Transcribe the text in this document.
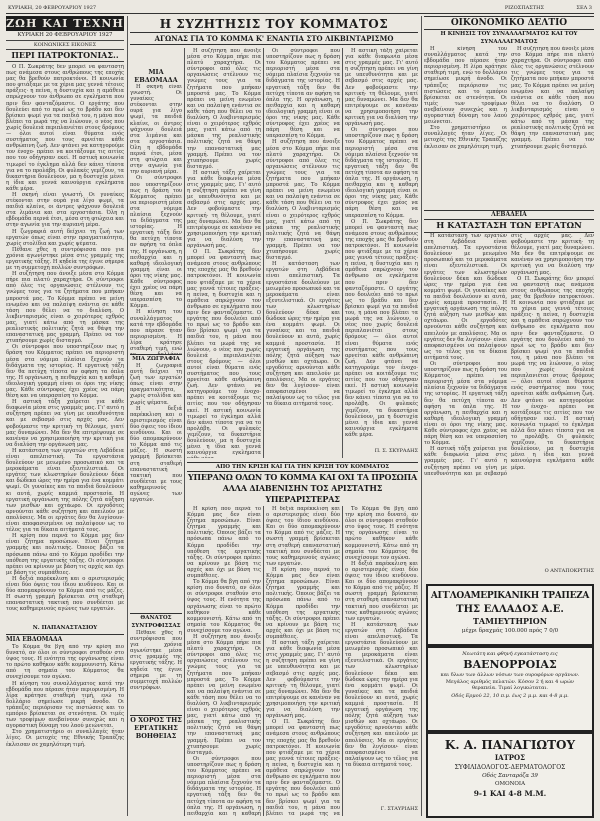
ΚΥΡΙΑΚΗ, 20 ΦΕΒΡΟΥΑΡΙΟΥ 1927	ΡΙΖΟΣΠΑΣΤΗΣ	ΣΕΛ 3
ΖΩΗ ΚΑΙ ΤΕΧΝΗ
ΚΥΡΙΑΚΗ 20 ΦΕΒΡΟΥΑΡΙΟΥ 1927
ΚΟΙΝΩΝΙΚΕΣ ΕΙΚΟΝΕΣ
ΠΕΡΙ ΠΑΤΡΟΚΤΟΝΙΑΣ..

Ο Π. Σωκράτης δεν μπορεί να φανταστή πως ανάμεσα στους ανθρώπους της εποχής μας θα βρεθούν πατροκτόνοι. Η κοινωνία που φτιάξαμε με τα χέρια μας γεννά τέτοιες πράξεις· η πείνα, η δυστυχία και η αμάθεια σπρώχνουν τον άνθρωπο σε εγκλήματα που πριν δεν φανταζόμαστε. Ο εργάτης που δουλεύει από το πρωί ως το βράδυ και δεν βρίσκει ψωμί για τα παιδιά του, η μάνα που βλέπει τα μωρά της να λιώνουν, ο νέος που χωρίς δουλειά περιπλανιέται στους δρόμους — όλοι αυτοί είναι θύματα ενός συστήματος που τους αρνείται κάθε ανθρώπινη ζωή. Δεν φτάνει να κατηγορούμε τον ένοχο· πρέπει να κοιτάξουμε τις αιτίες που τον οδήγησαν εκεί. Η αστική κοινωνία τιμωρεί το έγκλημα αλλά δεν κάνει τίποτα για να το προλάβη. Οι φυλακές γεμίζουν, τα δικαστήρια δουλεύουν, μα η δυστυχία μένει η ίδια και γεννά καινούργια εγκλήματα κάθε μέρα.

Η σκηνή είναι γνωστή. Οι γυναίκες στέκονται στην ουρά για λίγο ψωμί, τα παιδιά κλαίνε, οι άντρες ψάχνουν δουλειά στα λιμάνια και στα εργοστάσια. Όλη η εβδομάδα περνά έτσι, μέσα στη φτώχεια και στην αγωνία για την αυριανή μέρα.

Η ζωγραφιά αυτή δείχνει τη ζωή των εργατών όπως είναι στην πραγματικότητα, χωρίς στολίδια και χωρίς ψέματα.

Πέθανε χθες η συντρόφισσα που για χρόνια αγωνίστηκε μέσα στις γραμμές της εργατικής τάξης. Η κηδεία της έγινε σήμερα με τη συμμετοχή πολλών συντρόφων.

Η συζήτηση που άνοιξε μέσα στο Κόμμα πήρε πια πλατύ χαραχτήρα. Οι σύντροφοι από όλες τις οργανώσεις στέλνουν τις γνώμες τους για τα ζητήματα που μπήκαν μπροστά μας. Το Κόμμα πρέπει να μείνη ενωμένο και να παλαίψη ενάντια σε κάθε τάση που θέλει να το διαλύση. Ο λικβινταρισμός είναι ο χειρότερος εχθρός μας, γιατί κάτω από τη μάσκα της ρεαλιστικής πολιτικής ζητά να θάψη την επαναστατική μας γραμμή. Πρέπει να τον χτυπήσουμε χωρίς δισταγμό.

Οι σύντροφοι που υποστηρίζουν πως η δράση του Κόμματος πρέπει να περιοριστή μέσα στα νόμιμα πλαίσια ξεχνούν τα διδάγματα της ιστορίας. Η εργατική τάξη δεν θα πετύχη τίποτα αν αφήση τα όπλα της. Η οργάνωση, η πειθαρχία και η καθαρή ιδεολογική γραμμή είναι οι όροι της νίκης μας. Κάθε σύντροφος έχει χρέος να πάρη θέση και να υπερασπίση το Κόμμα.

Η αστική τάξη χαίρεται για κάθε διαφωνία μέσα στις γραμμές μας. Γι' αυτό η συζήτηση πρέπει να γίνη με υπευθυνότητα και με σεβασμό στις αρχές μας. Δεν φοβούμαστε την κριτική· τη θέλουμε, γιατί μας δυναμώνει. Μα δεν θα επιτρέψουμε σε κανέναν να χρησιμοποιήση την κριτική για να διαλύση την οργάνωσή μας.

Η κατάσταση των εργατών στη Λεβάδεια είναι απελπιστική. Τα εργοστάσια δουλεύουν με μειωμένο προσωπικό και τα μεροκάματα είναι εξευτελιστικά. Οι εργάτες των κλωστηρίων δουλεύουν δέκα και δώδεκα ώρες την ημέρα για ένα κομμάτι ψωμί. Οι γυναίκες και τα παιδιά δουλεύουν κι αυτά, χωρίς καμμιά προστασία. Η εργατική οργάνωση της πόλης ζητά αύξηση των μισθών και οχτάωρο. Οι εργοδότες αρνούνται κάθε συζήτηση και απειλούν με απολύσεις. Μα οι εργάτες δεν θα λυγίσουν· είναι αποφασισμένοι να παλαίψουν ως το τέλος για τα δίκαια αιτήματά τους.

Η κρίση που περνά το Κόμμα μας δεν είναι ζήτημα προσώπων. Είναι ζήτημα γραμμής και πολιτικής. Όποιος βάζει τα πρόσωπα πάνω από το Κόμμα προδίδει την υπόθεση της εργατικής τάξης. Οι σύντροφοι πρέπει να κρίνουν με βάση τις αρχές και όχι με βάση τις συμπάθειες.

Η δεξιά παρέκκλιση και ο αριστερισμός είναι δύο όψεις του ίδιου κινδύνου. Και οι δύο απομακρύνουν το Κόμμα από τις μάζες. Η σωστή γραμμή βρίσκεται στη σταθερή επαναστατική τακτική που συνδέεται με τους καθημερινούς αγώνες των εργατών.

Ν. ΠΑΠΑΝΑΣΤΑΣΙΟΥ
ΜΙΑ ΕΒΔΟΜΑΔΑ

Το Κόμμα θα βγη από την κρίση πιο δυνατό, αν όλοι οι σύντροφοι σταθούν στο ύψος τους. Η ενότητα της οργάνωσης είναι το πρώτο καθήκον κάθε κομμουνιστή. Κάτω από τη σημαία του Κόμματος θα συνεχίσουμε τον αγώνα.

Η κίνηση του συναλλάγματος κατά την εβδομάδα που πέρασε ήταν περιορισμένη. Η λίρα κράτησε σταθερή τιμή, ενώ το δολλάριο σημείωσε μικρή άνοδο. Οι τράπεζες περιόρισαν τις πιστώσεις και το εμπόριο βρίσκεται σε στενότητα. Οι τιμές των τροφίμων ανεβαίνουν συνεχώς και η αγοραστική δύναμη του λαού μειώνεται.

Στο χρηματιστήριο οι συναλλαγές ήταν λίγες. Οι μετοχές της Εθνικής Τραπέζης έκλεισαν σε χαμηλότερη τιμή.

Η ΣΥΖΗΤΗΣΙΣ ΤΟΥ ΚΟΜΜΑΤΟΣ
ΑΓΩΝΑΣ ΓΙΑ ΤΟ ΚΟΜΜΑ Κ' ΕΝΑΝΤΙΑ ΣΤΟ ΛΙΚΒΙΝΤΑΡΙΣΜΟ
ΜΙΑ ΕΒΔΟΜΑΔΑ

Η σκηνή είναι γνωστή. Οι γυναίκες στέκονται στην ουρά για λίγο ψωμί, τα παιδιά κλαίνε, οι άντρες ψάχνουν δουλειά στα λιμάνια και στα εργοστάσια. Όλη η εβδομάδα περνά έτσι, μέσα στη φτώχεια και στην αγωνία για την αυριανή μέρα.

Οι σύντροφοι που υποστηρίζουν πως η δράση του Κόμματος πρέπει να περιοριστή μέσα στα νόμιμα πλαίσια ξεχνούν τα διδάγματα της ιστορίας. Η εργατική τάξη δεν θα πετύχη τίποτα αν αφήση τα όπλα της. Η οργάνωση, η πειθαρχία και η καθαρή ιδεολογική γραμμή είναι οι όροι της νίκης μας. Κάθε σύντροφος έχει χρέος να πάρη θέση και να υπερασπίση το Κόμμα.

Η κίνηση του συναλλάγματος κατά την εβδομάδα που πέρασε ήταν περιορισμένη. Η λίρα κράτησε σταθερή τιμή, ενώ

ΜΙΑ ΖΩΓΡΑΦΙΑ

Η ζωγραφιά αυτή δείχνει τη ζωή των εργατών όπως είναι στην πραγματικότητα, χωρίς στολίδια και χωρίς ψέματα.

Η δεξιά παρέκκλιση και ο αριστερισμός είναι δύο όψεις του ίδιου κινδύνου. Και οι δύο απομακρύνουν το Κόμμα από τις μάζες. Η σωστή γραμμή βρίσκεται στη σταθερή επαναστατική τακτική που συνδέεται με τους καθημερινούς αγώνες των εργατών.

ΘΑΝΑΤΟΣ ΣΥΝΤΡΟΦΙΣΣΑΣ

Πέθανε χθες η συντρόφισσα που για χρόνια αγωνίστηκε μέσα στις γραμμές της εργατικής τάξης. Η κηδεία της έγινε σήμερα με τη συμμετοχή πολλών συντρόφων.

Ο ΧΟΡΟΣ ΤΗΣ ΕΡΓΑΤΙΚΗΣ ΒΟΗΘΕΙΑΣ

Η συζήτηση που άνοιξε μέσα στο Κόμμα πήρε πια πλατύ χαραχτήρα. Οι σύντροφοι από όλες τις οργανώσεις στέλνουν τις γνώμες τους για τα ζητήματα που μπήκαν μπροστά μας. Το Κόμμα πρέπει να μείνη ενωμένο και να παλαίψη ενάντια σε κάθε τάση που θέλει να το διαλύση. Ο λικβινταρισμός είναι ο χειρότερος εχθρός μας, γιατί κάτω από τη μάσκα της ρεαλιστικής πολιτικής ζητά να θάψη την επαναστατική μας γραμμή. Πρέπει να τον χτυπήσουμε χωρίς δισταγμό.

Η αστική τάξη χαίρεται για κάθε διαφωνία μέσα στις γραμμές μας. Γι' αυτό η συζήτηση πρέπει να γίνη με υπευθυνότητα και με σεβασμό στις αρχές μας. Δεν φοβούμαστε την κριτική· τη θέλουμε, γιατί μας δυναμώνει. Μα δεν θα επιτρέψουμε σε κανέναν να χρησιμοποιήση την κριτική για να διαλύση την οργάνωσή μας.

Ο Π. Σωκράτης δεν μπορεί να φανταστή πως ανάμεσα στους ανθρώπους της εποχής μας θα βρεθούν πατροκτόνοι. Η κοινωνία που φτιάξαμε με τα χέρια μας γεννά τέτοιες πράξεις· η πείνα, η δυστυχία και η αμάθεια σπρώχνουν τον άνθρωπο σε εγκλήματα που πριν δεν φανταζόμαστε. Ο εργάτης που δουλεύει από το πρωί ως το βράδυ και δεν βρίσκει ψωμί για τα παιδιά του, η μάνα που βλέπει τα μωρά της να λιώνουν, ο νέος που χωρίς δουλειά περιπλανιέται στους δρόμους — όλοι αυτοί είναι θύματα ενός συστήματος που τους αρνείται κάθε ανθρώπινη ζωή. Δεν φτάνει να κατηγορούμε τον ένοχο· πρέπει να κοιτάξουμε τις αιτίες που τον οδήγησαν εκεί. Η αστική κοινωνία τιμωρεί το έγκλημα αλλά δεν κάνει τίποτα για να το προλάβη. Οι φυλακές γεμίζουν, τα δικαστήρια δουλεύουν, μα η δυστυχία μένει η ίδια και γεννά καινούργια εγκλήματα

Οι σύντροφοι που υποστηρίζουν πως η δράση του Κόμματος πρέπει να περιοριστή μέσα στα νόμιμα πλαίσια ξεχνούν τα διδάγματα της ιστορίας. Η εργατική τάξη δεν θα πετύχη τίποτα αν αφήση τα όπλα της. Η οργάνωση, η πειθαρχία και η καθαρή ιδεολογική γραμμή είναι οι όροι της νίκης μας. Κάθε σύντροφος έχει χρέος να πάρη θέση και να υπερασπίση το Κόμμα.

Η συζήτηση που άνοιξε μέσα στο Κόμμα πήρε πια πλατύ χαραχτήρα. Οι σύντροφοι από όλες τις οργανώσεις στέλνουν τις γνώμες τους για τα ζητήματα που μπήκαν μπροστά μας. Το Κόμμα πρέπει να μείνη ενωμένο και να παλαίψη ενάντια σε κάθε τάση που θέλει να το διαλύση. Ο λικβινταρισμός είναι ο χειρότερος εχθρός μας, γιατί κάτω από τη μάσκα της ρεαλιστικής πολιτικής ζητά να θάψη την επαναστατική μας γραμμή. Πρέπει να τον χτυπήσουμε χωρίς δισταγμό.

Η κατάσταση των εργατών στη Λεβάδεια είναι απελπιστική. Τα εργοστάσια δουλεύουν με μειωμένο προσωπικό και τα μεροκάματα είναι εξευτελιστικά. Οι εργάτες των κλωστηρίων δουλεύουν δέκα και δώδεκα ώρες την ημέρα για ένα κομμάτι ψωμί. Οι γυναίκες και τα παιδιά δουλεύουν κι αυτά, χωρίς καμμιά προστασία. Η εργατική οργάνωση της πόλης ζητά αύξηση των μισθών και οχτάωρο. Οι εργοδότες αρνούνται κάθε συζήτηση και απειλούν με απολύσεις. Μα οι εργάτες δεν θα λυγίσουν· είναι αποφασισμένοι να παλαίψουν ως το τέλος για τα δίκαια αιτήματά τους.

Η αστική τάξη χαίρεται για κάθε διαφωνία μέσα στις γραμμές μας. Γι' αυτό η συζήτηση πρέπει να γίνη με υπευθυνότητα και με σεβασμό στις αρχές μας. Δεν φοβούμαστε την κριτική· τη θέλουμε, γιατί μας δυναμώνει. Μα δεν θα επιτρέψουμε σε κανέναν να χρησιμοποιήση την κριτική για να διαλύση την οργάνωσή μας.

Οι σύντροφοι που υποστηρίζουν πως η δράση του Κόμματος πρέπει να περιοριστή μέσα στα νόμιμα πλαίσια ξεχνούν τα διδάγματα της ιστορίας. Η εργατική τάξη δεν θα πετύχη τίποτα αν αφήση τα όπλα της. Η οργάνωση, η πειθαρχία και η καθαρή ιδεολογική γραμμή είναι οι όροι της νίκης μας. Κάθε σύντροφος έχει χρέος να πάρη θέση και να υπερασπίση το Κόμμα.

Ο Π. Σωκράτης δεν μπορεί να φανταστή πως ανάμεσα στους ανθρώπους της εποχής μας θα βρεθούν πατροκτόνοι. Η κοινωνία που φτιάξαμε με τα χέρια μας γεννά τέτοιες πράξεις· η πείνα, η δυστυχία και η αμάθεια σπρώχνουν τον άνθρωπο σε εγκλήματα που πριν δεν φανταζόμαστε. Ο εργάτης που δουλεύει από το πρωί ως το βράδυ και δεν βρίσκει ψωμί για τα παιδιά του, η μάνα που βλέπει τα μωρά της να λιώνουν, ο νέος που χωρίς δουλειά περιπλανιέται στους δρόμους — όλοι αυτοί είναι θύματα ενός συστήματος που τους αρνείται κάθε ανθρώπινη ζωή. Δεν φτάνει να κατηγορούμε τον ένοχο· πρέπει να κοιτάξουμε τις αιτίες που τον οδήγησαν εκεί. Η αστική κοινωνία τιμωρεί το έγκλημα αλλά δεν κάνει τίποτα για να το προλάβη. Οι φυλακές γεμίζουν, τα δικαστήρια δουλεύουν, μα η δυστυχία μένει η ίδια και γεννά καινούργια εγκλήματα κάθε μέρα.

Π. Σ. ΣΚΥΡΑΔΗΣ
ΑΠΟ ΤΗΝ ΚΡΙΣΗ ΚΑΙ ΓΙΑ ΤΗΝ ΚΡΙΣΗ ΤΟΥ ΚΟΜΜΑΤΟΣ
ΥΠΕΡΑΝΩ ΟΛΩΝ ΤΟ ΚΟΜΜΑ ΚΑΙ ΟΧΙ ΤΑ ΠΡΟΣΩΠΑ ΑΛΛΑ ΔΙΑΒΕΝΙΣΗΝ ΤΟΣ ΑΡΙΣΤΑΤΗΣ ΥΠΕΡΑΡΙΣΤΕΡΑΣ

Η κρίση που περνά το Κόμμα μας δεν είναι ζήτημα προσώπων. Είναι ζήτημα γραμμής και πολιτικής. Όποιος βάζει τα πρόσωπα πάνω από το Κόμμα προδίδει την υπόθεση της εργατικής τάξης. Οι σύντροφοι πρέπει να κρίνουν με βάση τις αρχές και όχι με βάση τις συμπάθειες.

Το Κόμμα θα βγη από την κρίση πιο δυνατό, αν όλοι οι σύντροφοι σταθούν στο ύψος τους. Η ενότητα της οργάνωσης είναι το πρώτο καθήκον κάθε κομμουνιστή. Κάτω από τη σημαία του Κόμματος θα συνεχίσουμε τον αγώνα.

Η συζήτηση που άνοιξε μέσα στο Κόμμα πήρε πια πλατύ χαραχτήρα. Οι σύντροφοι από όλες τις οργανώσεις στέλνουν τις γνώμες τους για τα ζητήματα που μπήκαν μπροστά μας. Το Κόμμα πρέπει να μείνη ενωμένο και να παλαίψη ενάντια σε κάθε τάση που θέλει να το διαλύση. Ο λικβινταρισμός είναι ο χειρότερος εχθρός μας, γιατί κάτω από τη μάσκα της ρεαλιστικής πολιτικής ζητά να θάψη την επαναστατική μας γραμμή. Πρέπει να τον χτυπήσουμε χωρίς δισταγμό.

Οι σύντροφοι που υποστηρίζουν πως η δράση του Κόμματος πρέπει να περιοριστή μέσα στα νόμιμα πλαίσια ξεχνούν τα διδάγματα της ιστορίας. Η εργατική τάξη δεν θα πετύχη τίποτα αν αφήση τα όπλα της. Η οργάνωση, η πειθαρχία και η καθαρή

Η δεξιά παρέκκλιση και ο αριστερισμός είναι δύο όψεις του ίδιου κινδύνου. Και οι δύο απομακρύνουν το Κόμμα από τις μάζες. Η σωστή γραμμή βρίσκεται στη σταθερή επαναστατική τακτική που συνδέεται με τους καθημερινούς αγώνες των εργατών.

Η κρίση που περνά το Κόμμα μας δεν είναι ζήτημα προσώπων. Είναι ζήτημα γραμμής και πολιτικής. Όποιος βάζει τα πρόσωπα πάνω από το Κόμμα προδίδει την υπόθεση της εργατικής τάξης. Οι σύντροφοι πρέπει να κρίνουν με βάση τις αρχές και όχι με βάση τις συμπάθειες.

Η αστική τάξη χαίρεται για κάθε διαφωνία μέσα στις γραμμές μας. Γι' αυτό η συζήτηση πρέπει να γίνη με υπευθυνότητα και με σεβασμό στις αρχές μας. Δεν φοβούμαστε την κριτική· τη θέλουμε, γιατί μας δυναμώνει. Μα δεν θα επιτρέψουμε σε κανέναν να χρησιμοποιήση την κριτική για να διαλύση την οργάνωσή μας.

Ο Π. Σωκράτης δεν μπορεί να φανταστή πως ανάμεσα στους ανθρώπους της εποχής μας θα βρεθούν πατροκτόνοι. Η κοινωνία που φτιάξαμε με τα χέρια μας γεννά τέτοιες πράξεις· η πείνα, η δυστυχία και η αμάθεια σπρώχνουν τον άνθρωπο σε εγκλήματα που πριν δεν φανταζόμαστε. Ο εργάτης που δουλεύει από το πρωί ως το βράδυ και δεν βρίσκει ψωμί για τα παιδιά του, η μάνα που βλέπει τα μωρά της να

Το Κόμμα θα βγη από την κρίση πιο δυνατό, αν όλοι οι σύντροφοι σταθούν στο ύψος τους. Η ενότητα της οργάνωσης είναι το πρώτο καθήκον κάθε κομμουνιστή. Κάτω από τη σημαία του Κόμματος θα συνεχίσουμε τον αγώνα.

Η δεξιά παρέκκλιση και ο αριστερισμός είναι δύο όψεις του ίδιου κινδύνου. Και οι δύο απομακρύνουν το Κόμμα από τις μάζες. Η σωστή γραμμή βρίσκεται στη σταθερή επαναστατική τακτική που συνδέεται με τους καθημερινούς αγώνες των εργατών.

Η κατάσταση των εργατών στη Λεβάδεια είναι απελπιστική. Τα εργοστάσια δουλεύουν με μειωμένο προσωπικό και τα μεροκάματα είναι εξευτελιστικά. Οι εργάτες των κλωστηρίων δουλεύουν δέκα και δώδεκα ώρες την ημέρα για ένα κομμάτι ψωμί. Οι γυναίκες και τα παιδιά δουλεύουν κι αυτά, χωρίς καμμιά προστασία. Η εργατική οργάνωση της πόλης ζητά αύξηση των μισθών και οχτάωρο. Οι εργοδότες αρνούνται κάθε συζήτηση και απειλούν με απολύσεις. Μα οι εργάτες δεν θα λυγίσουν· είναι αποφασισμένοι να παλαίψουν ως το τέλος για τα δίκαια αιτήματά τους.

Γ. ΣΤΑΥΡΙΔΗΣ
ΟΙΚΟΝΟΜΙΚΟ ΔΕΛΤΙΟ
Η ΚΙΝΗΣΙΣ ΤΟΥ ΣΥΝΑΛΛΑΓΜΑΤΟΣ ΚΑΙ ΤΟΥ ΣΥΝΑΛΛΑΓΜΑΤΟΣ

Η κίνηση του συναλλάγματος κατά την εβδομάδα που πέρασε ήταν περιορισμένη. Η λίρα κράτησε σταθερή τιμή, ενώ το δολλάριο σημείωσε μικρή άνοδο. Οι τράπεζες περιόρισαν τις πιστώσεις και το εμπόριο βρίσκεται σε στενότητα. Οι τιμές των τροφίμων ανεβαίνουν συνεχώς και η αγοραστική δύναμη του λαού μειώνεται.

Στο χρηματιστήριο οι συναλλαγές ήταν λίγες. Οι μετοχές της Εθνικής Τραπέζης έκλεισαν σε χαμηλότερη τιμή.

Η συζήτηση που άνοιξε μέσα στο Κόμμα πήρε πια πλατύ χαραχτήρα. Οι σύντροφοι από όλες τις οργανώσεις στέλνουν τις γνώμες τους για τα ζητήματα που μπήκαν μπροστά μας. Το Κόμμα πρέπει να μείνη ενωμένο και να παλαίψη ενάντια σε κάθε τάση που θέλει να το διαλύση. Ο λικβινταρισμός είναι ο χειρότερος εχθρός μας, γιατί κάτω από τη μάσκα της ρεαλιστικής πολιτικής ζητά να θάψη την επαναστατική μας γραμμή. Πρέπει να τον χτυπήσουμε χωρίς δισταγμό.

ΛΕΒΑΔΕΙΑ
Η ΚΑΤΑΣΤΑΣΗ ΤΩΝ ΕΡΓΑΤΩΝ

Η κατάσταση των εργατών στη Λεβάδεια είναι απελπιστική. Τα εργοστάσια δουλεύουν με μειωμένο προσωπικό και τα μεροκάματα είναι εξευτελιστικά. Οι εργάτες των κλωστηρίων δουλεύουν δέκα και δώδεκα ώρες την ημέρα για ένα κομμάτι ψωμί. Οι γυναίκες και τα παιδιά δουλεύουν κι αυτά, χωρίς καμμιά προστασία. Η εργατική οργάνωση της πόλης ζητά αύξηση των μισθών και οχτάωρο. Οι εργοδότες αρνούνται κάθε συζήτηση και απειλούν με απολύσεις. Μα οι εργάτες δεν θα λυγίσουν· είναι αποφασισμένοι να παλαίψουν ως το τέλος για τα δίκαια αιτήματά τους.

Οι σύντροφοι που υποστηρίζουν πως η δράση του Κόμματος πρέπει να περιοριστή μέσα στα νόμιμα πλαίσια ξεχνούν τα διδάγματα της ιστορίας. Η εργατική τάξη δεν θα πετύχη τίποτα αν αφήση τα όπλα της. Η οργάνωση, η πειθαρχία και η καθαρή ιδεολογική γραμμή είναι οι όροι της νίκης μας. Κάθε σύντροφος έχει χρέος να πάρη θέση και να υπερασπίση το Κόμμα.

Η αστική τάξη χαίρεται για κάθε διαφωνία μέσα στις γραμμές μας. Γι' αυτό η συζήτηση πρέπει να γίνη με υπευθυνότητα και με σεβασμό στις αρχές μας. Δεν φοβούμαστε την κριτική· τη θέλουμε, γιατί μας δυναμώνει. Μα δεν θα επιτρέψουμε σε κανέναν να χρησιμοποιήση την κριτική για να διαλύση την οργάνωσή μας.

Ο Π. Σωκράτης δεν μπορεί να φανταστή πως ανάμεσα στους ανθρώπους της εποχής μας θα βρεθούν πατροκτόνοι. Η κοινωνία που φτιάξαμε με τα χέρια μας γεννά τέτοιες πράξεις· η πείνα, η δυστυχία και η αμάθεια σπρώχνουν τον άνθρωπο σε εγκλήματα που πριν δεν φανταζόμαστε. Ο εργάτης που δουλεύει από το πρωί ως το βράδυ και δεν βρίσκει ψωμί για τα παιδιά του, η μάνα που βλέπει τα μωρά της να λιώνουν, ο νέος που χωρίς δουλειά περιπλανιέται στους δρόμους — όλοι αυτοί είναι θύματα ενός συστήματος που τους αρνείται κάθε ανθρώπινη ζωή. Δεν φτάνει να κατηγορούμε τον ένοχο· πρέπει να κοιτάξουμε τις αιτίες που τον οδήγησαν εκεί. Η αστική κοινωνία τιμωρεί το έγκλημα αλλά δεν κάνει τίποτα για να το προλάβη. Οι φυλακές γεμίζουν, τα δικαστήρια δουλεύουν, μα η δυστυχία μένει η ίδια και γεννά καινούργια εγκλήματα κάθε μέρα.

Ο ΑΝΤΑΠΟΚΡΙΤΗΣ
ΑΓΓΛΟΑΜΕΡΙΚΑΝΙΚΗ ΤΡΑΠΕΖΑ
ΤΗΣ ΕΛΛΑΔΟΣ Α.Ε.
ΤΑΜΙΕΥΤΗΡΙΟΝ
μέχρι δραχμάς 100.000 πρός 7 0/0
Νεωτάτη και φθηνή εγκατάσταση εις
ΒΑΕΝΟΡΡΟΙΑΣ
και δλων των άλλων νόσων των ουροφόρων οργάνων. Μεγάλος αριθμός πελατών. Κόσον 2 ή και 4 ωρών θεραπεία. Τιμαί λογικώταται.
Οδός Ερμού 22, 10 π.μ. έως 2 μ.μ. και 4-8 μ.μ.
Κ. Α. ΠΑΝΑΓΙΩΤΟΥ
ΙΑΤΡΟΣ
ΣΥΦΙΛΙΔΟΛΟΓΟΣ-ΔΕΡΜΑΤΟΛΟΓΟΣ
Οδός Σανταρόζα 39
ΟΜΟΝΟΙΑ
9-1 ΚΑΙ 4-8 Μ.Μ.
